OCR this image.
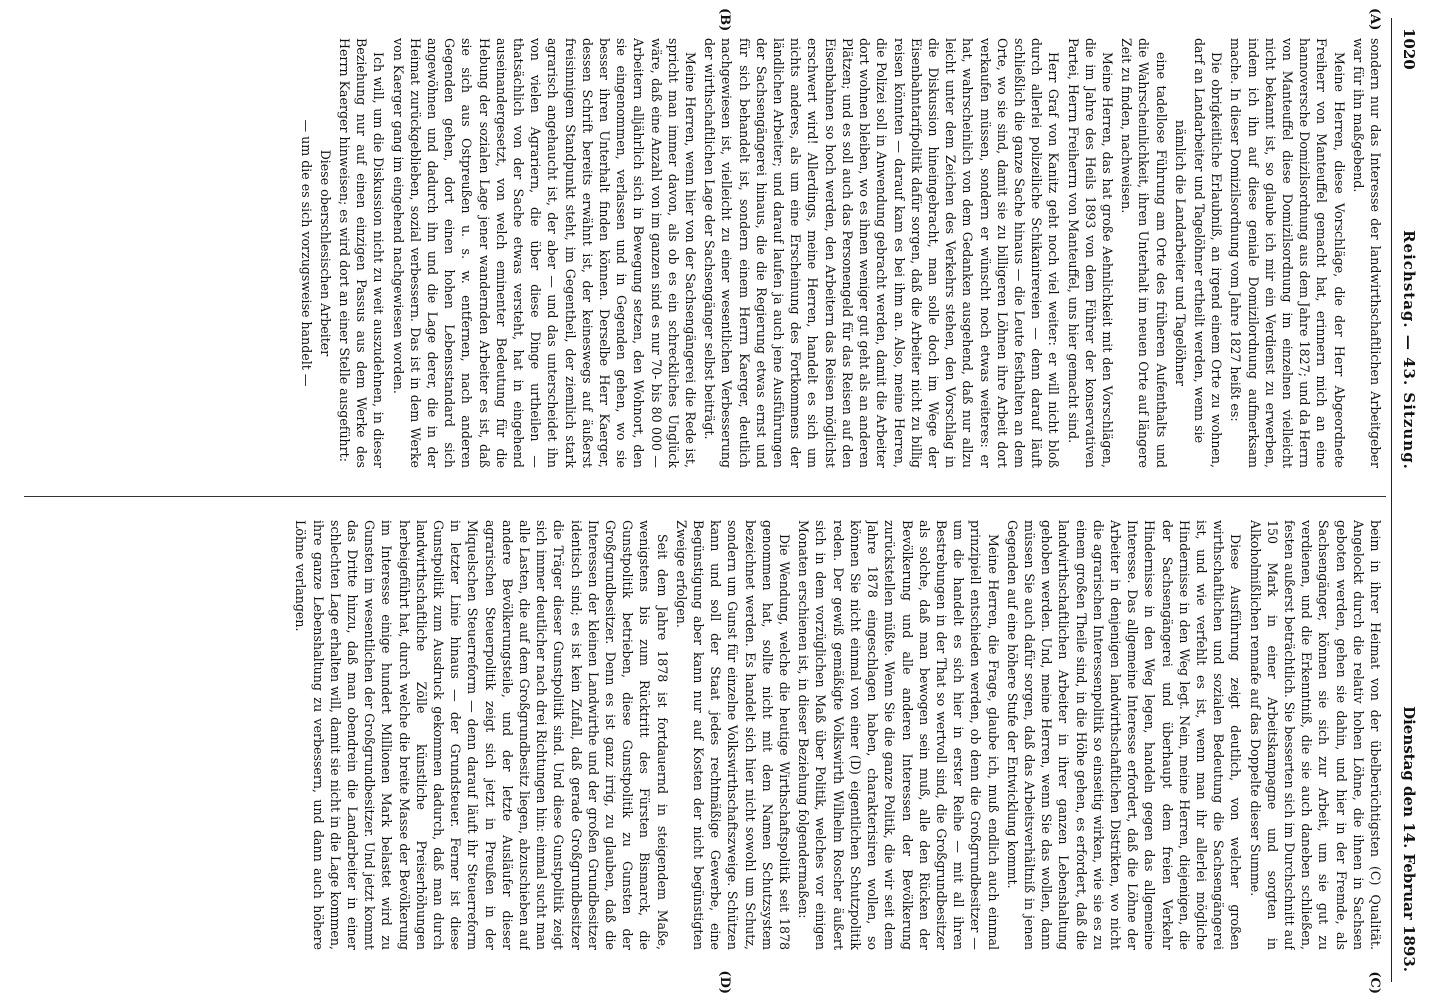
1020
Reichstag. — 43. Sitzung.
Dienstag den 14. Februar 1893.
(A)
(B)
(C)
(D)

sondern nur das Interesse der landwirthschaftlichen Arbeitgeber war für ihn maßgebend.

Meine Herren, diese Vorschläge, die der Herr Abgeordnete Freiherr von Manteuffel gemacht hat, erinnern mich an eine hannoversche Domizilsordnung aus dem Jahre 1827; und da Herrn von Manteuffel diese Domizilsordnung im einzelnen vielleicht nicht bekannt ist, so glaube ich mir ein Verdienst zu erwerben, indem ich ihn auf diese geniale Domizilordnung aufmerksam mache. In dieser Domizilsordnung vom Jahre 1827 heißt es:

Die obrigkeitliche Erlaubniß, an irgend einem Orte zu wohnen, darf an Landarbeiter und Tagelöhner ertheilt werden, wenn sie

nämlich die Landarbeiter und Tagelöhner

eine tadellose Führung am Orte des früheren Aufenthalts und die Wahrscheinlichkeit, ihren Unterhalt im neuen Orte auf längere Zeit zu finden, nachweisen.

Meine Herren, das hat große Aehnlichkeit mit den Vorschlägen, die im Jahre des Heils 1893 von dem Führer der konservativen Partei, Herrn Freiherrn von Manteuffel, uns hier gemacht sind.

Herr Graf von Kanitz geht noch viel weiter: er will nicht bloß durch allerlei polizeiliche Schikanirereien — denn darauf läuft schließlich die ganze Sache hinaus — die Leute festhalten an dem Orte, wo sie sind, damit sie zu billigeren Löhnen ihre Arbeit dort verkaufen müssen, sondern er wünscht noch etwas weiteres: er hat, wahrscheinlich von dem Gedanken ausgehend, daß nur allzu leicht unter dem Zeichen des Verkehrs stehen, den Vorschlag in die Diskussion hineingebracht, man solle doch im Wege der Eisenbahntarifpolitik dafür sorgen, daß die Arbeiter nicht zu billig reisen könnten — darauf kam es bei ihm an. Also, meine Herren, die Polizei soll in Anwendung gebracht werden, damit die Arbeiter dort wohnen bleiben, wo es ihnen weniger gut geht als an anderen Plätzen; und es soll auch das Personengeld für das Reisen auf den Eisenbahnen so hoch werden, den Arbeitern das Reisen möglichst erschwert wird! Allerdings, meine Herren, handelt es sich um nichts anderes, als um eine Erscheinung des Fortkommens der ländlichen Arbeiter; und darauf laufen ja auch jene Ausführungen der Sachsengängerei hinaus, die die Regierung etwas ernst und für sich behandelt ist, sondern einem Herrn Kaerger, deutlich nachgewiesen ist, vielleicht zu einer wesentlichen Verbesserung der wirthschaftlichen Lage der Sachsengänger selbst beiträgt.

Meine Herren, wenn hier von der Sachsengängerei die Rede ist, spricht man immer davon, als ob es ein schreckliches Unglück wäre, daß eine Anzahl von im ganzen sind es nur 70- bis 80 000 — Arbeitern alljährlich sich in Bewegung setzen, den Wohnort, den sie eingenommen, verlassen und in Gegenden gehen, wo sie besser ihren Unterhalt finden können. Derselbe Herr Kaerger, dessen Schrift bereits erwähnt ist, der keineswegs auf äußerst freisinnigem Standpunkt steht, im Gegentheil, der ziemlich stark agrarisch angehaucht ist, der aber — und das unterscheidet ihn von vielen Agrariern, die über diese Dinge urtheilen — thatsächlich von der Sache etwas versteht, hat in eingehend auseinandergesetzt, von welch eminenter Bedeutung für die Hebung der sozialen Lage jener wandernden Arbeiter es ist, daß sie sich aus Ostpreußen u. s. w. entfernen, nach anderen Gegenden gehen, dort einen hohen Lebensstandard sich angewöhnen und dadurch ihn und die Lage derer, die in der Heimat zurückgeblieben, sozial verbessern. Das ist in dem Werke von Kaerger gang im eingehend nachgewiesen worden.

Ich will, um die Diskussion nicht zu weit auszudehnen, in dieser Beziehung nur auf einen einzigen Passus aus dem Werke des Herrn Kaerger hinweisen; es wird dort an einer Stelle ausgeführt:

Diese oberschlesischen Arbeiter

— um die es sich vorzugsweise handelt —

beim in ihrer Heimat von der übelberüchtigsten (C) Qualität. Angelockt durch die relativ hohen Löhne, die ihnen in Sachsen geboten werden, gehen sie dahin, und hier in der Fremde, als Sachsengänger, können sie sich zur Arbeit, um sie gut zu verdienen, und die Erkenntniß, die sie auch daneben schließen, festen außerst beträchtlich. Sie besserten sich im Durchschnitt auf 150 Mark in einer Arbeitskampagne und sorgten in Alkoholmißlichen rennafe auf das Doppelte dieser Summe.

Diese Ausführung zeigt deutlich, von welcher großen wirthschaftlichen und sozialen Bedeutung die Sachsengängerei ist, und wie verfehlt es ist, wenn man ihr allerlei mögliche Hindernisse in den Weg legt. Nein, meine Herren, diejenigen, die der Sachsengängerei und überhaupt dem freien Verkehr Hindernisse in den Weg legen, handeln gegen das allgemeine Interesse. Das allgemeine Interesse erfordert, daß die Löhne der Arbeiter in denjenigen landwirthschaftlichen Distrikten, wo nicht die agrarischen Interessenpolitik so einseitig wirken, wie sie es zu einem großen Theile sind, in die Höhe gehen, es erfordert, daß die landwirthschaftlichen Arbeiter in ihrer ganzen Lebenshaltung gehoben werden. Und, meine Herren, wenn Sie das wollen, dann müssen Sie auch dafür sorgen, daß das Arbeitsverhältniß in jenen Gegenden auf eine höhere Stufe der Entwicklung kommt.

Meine Herren, die Frage, glaube ich, muß endlich auch einmal prinzipiell entschieden werden, ob denn die Großgrundbesitzer — um die handelt es sich hier in erster Reihe — mit all ihren Bestrebungen in der That so wertvoll sind, die Großgrundbesitzer als solche, daß man bewogen sein muß, alle den Rücken der Bevölkerung und alle anderen Interessen der Bevölkerung zurückstellen müßte. Wenn Sie die ganze Politik, die wir seit dem Jahre 1878 eingeschlagen haben, charakterisiren wollen, so können Sie nicht einmal von einer (D) eigentlichen Schutzpolitik reden. Der gewiß gemäßigte Volkswirth Wilhelm Roscher äußert sich in dem vorzüglichen Maß über Politik, welches vor einigen Monaten erschienen ist, in dieser Beziehung folgendermaßen:

Die Wendung, welche die heutige Wirthschaftspolitik seit 1878 genommen hat, sollte nicht mit dem Namen Schutzsystem bezeichnet werden. Es handelt sich hier nicht sowohl um Schutz, sondern um Gunst für einzelne Volkswirthschaftszweige. Schützen kann und soll der Staat jedes rechtmäßige Gewerbe, eine Begünstigung aber kann nur auf Kosten der nicht begünstigten Zweige erfolgen.

Seit dem Jahre 1878 ist fortdauernd in steigendem Maße, wenigstens bis zum Rücktritt des Fürsten Bismarck, die Gunstpolitik betrieben, diese Gunstpolitik zu Gunsten der Großgrundbesitzer. Denn es ist ganz irrig, zu glauben, daß die Interessen der kleinen Landwirthe und der großen Grundbesitzer identisch sind; es ist kein Zufall, daß gerade Großgrundbesitzer die Träger dieser Gunstpolitik sind. Und diese Gunstpolitik zeigt sich immer deutlicher nach drei Richtungen hin: einmal sucht man alle Lasten, die auf dem Großgrundbesitz liegen, abzuschieben auf andere Bevölkerungsteile, und der letzte Ausläufer dieser agrarischen Steuerpolitik zeigt sich jetzt in Preußen in der Miquelschen Steuerreform — denn darauf läuft ihr Steuerreform in letzter Linie hinaus — der Grundsteuer. Ferner ist diese Gunstpolitik zum Ausdruck gekommen dadurch, daß man durch landwirthschaftliche Zölle künstliche Preiserhöhungen herbeigeführt hat, durch welche die breite Masse der Bevölkerung im Interesse einige hundert Millionen Mark belastet wird zu Gunsten im wesentlichen der Großgrundbesitzer. Und jetzt kommt das Dritte hinzu, daß man obendrein die Landarbeiter in einer schlechten Lage erhalten will, damit sie nicht in die Lage kommen, ihre ganze Lebenshaltung zu verbessern, und dann auch höhere Löhne verlangen.
